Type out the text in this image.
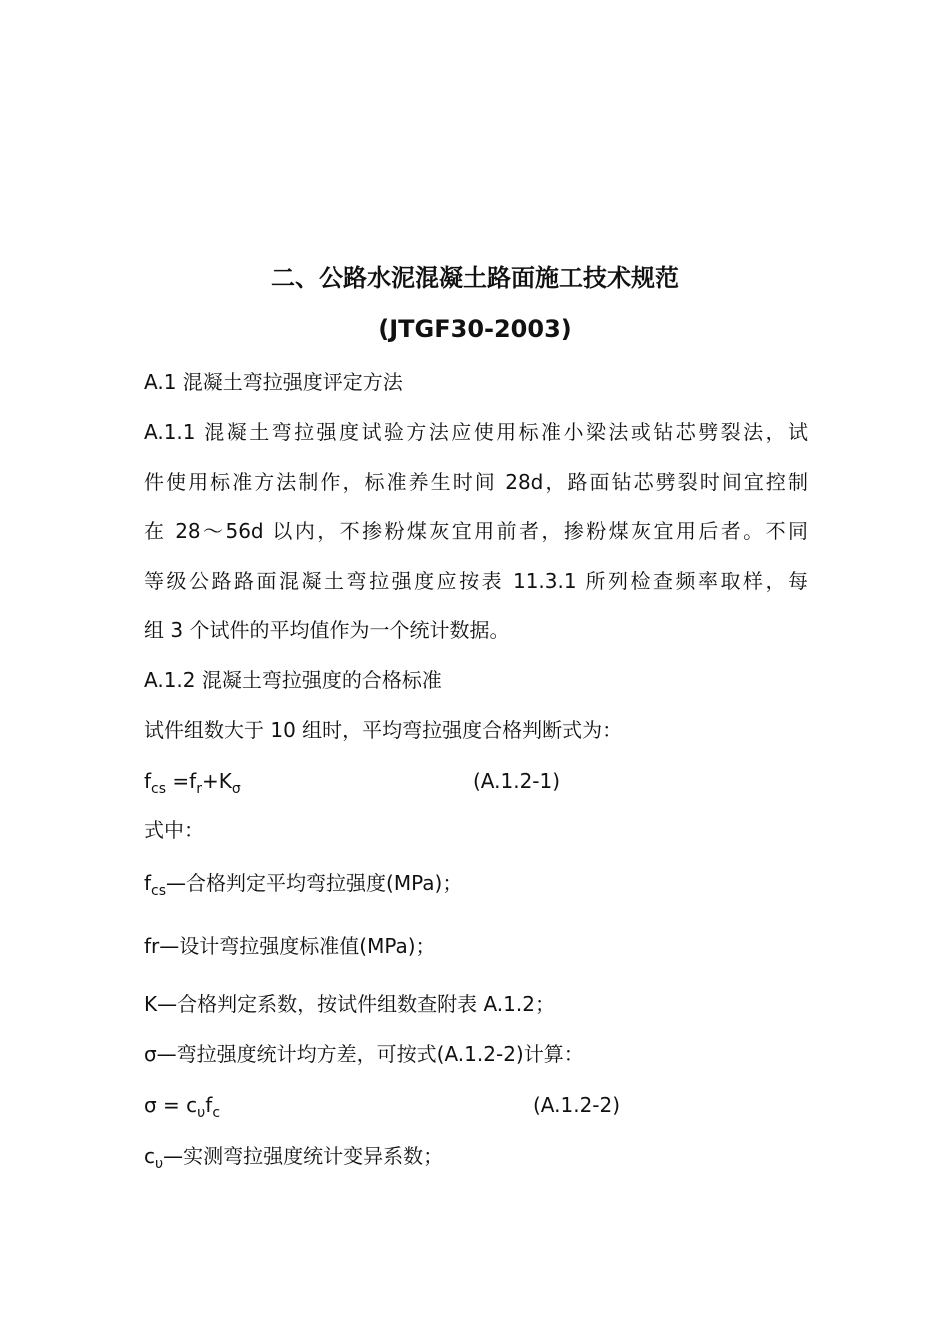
二、公路水泥混凝土路面施工技术规范
(JTGF30-2003)
A.1 混凝土弯拉强度评定方法
A.1.1 混凝土弯拉强度试验方法应使用标准小梁法或钻芯劈裂法，试
件使用标准方法制作，标准养生时间 28d，路面钻芯劈裂时间宜控制
在 28～56d 以内，不掺粉煤灰宜用前者，掺粉煤灰宜用后者。不同
等级公路路面混凝土弯拉强度应按表 11.3.1 所列检查频率取样，每
组 3 个试件的平均值作为一个统计数据。
A.1.2 混凝土弯拉强度的合格标准
试件组数大于 10 组时，平均弯拉强度合格判断式为：
$f_{cs} =f_r+K_\sigma$	(A.1.2-1)
式中：
$f_{cs}—$合格判定平均弯拉强度(MPa)；
fr—设计弯拉强度标准值(MPa)；
K—合格判定系数，按试件组数查附表 A.1.2；
σ—弯拉强度统计均方差，可按式(A.1.2-2)计算：
$\sigma = c_\upsilon f_c$	(A.1.2-2)
$c_\upsilon—$实测弯拉强度统计变异系数；
